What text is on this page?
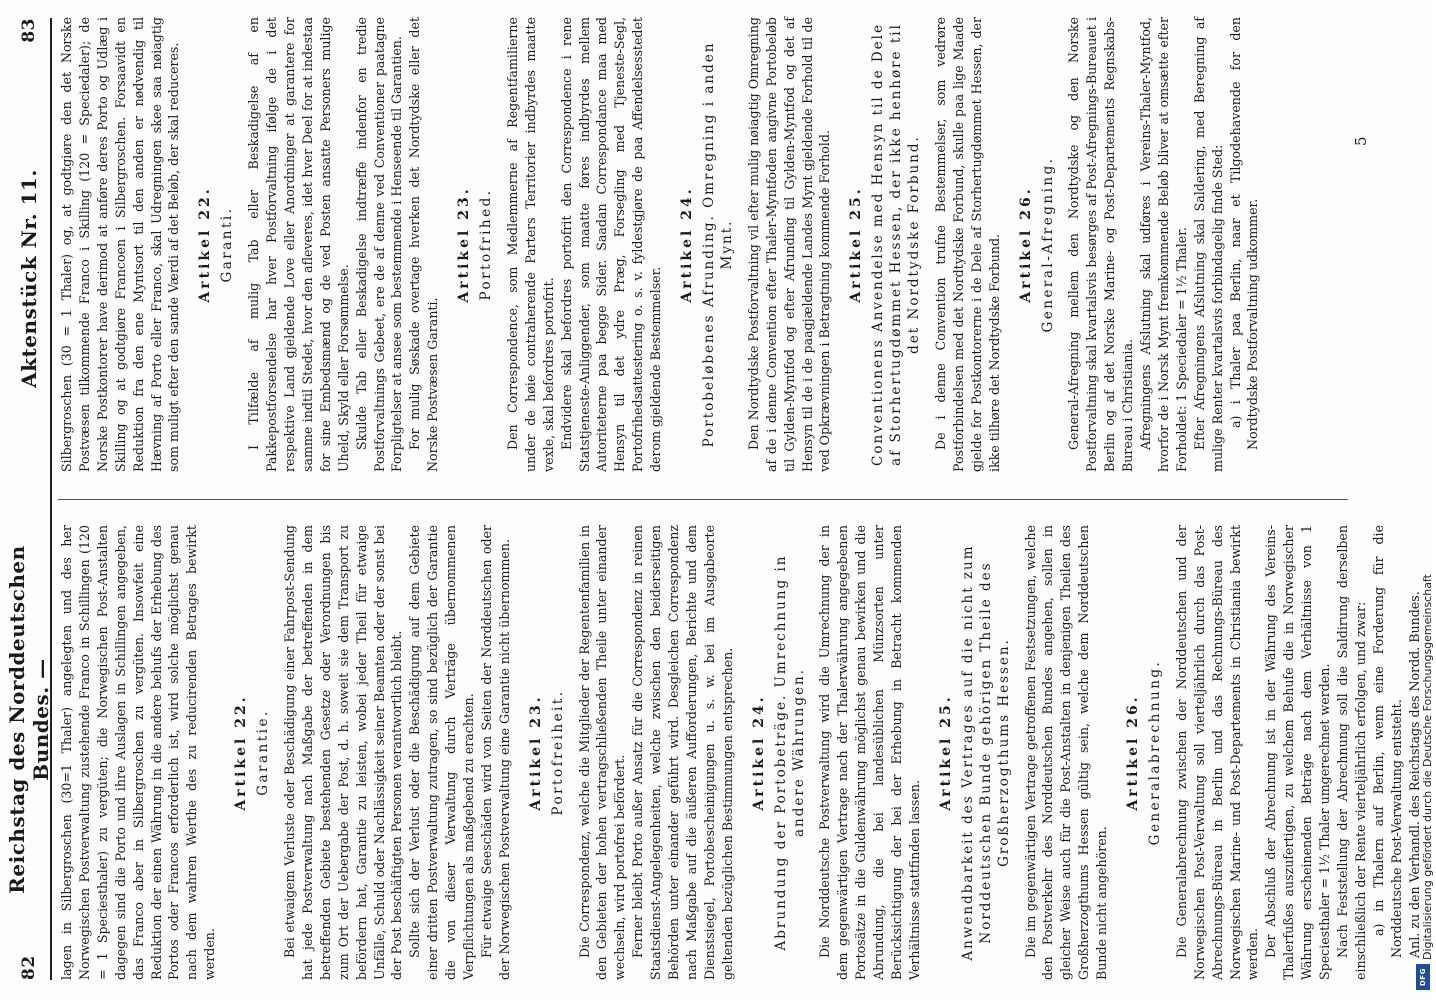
82
Reichstag des Norddeutschen Bundes. —
Aktenstück Nr. 11.
83

lagen in Silbergroschen (30=1 Thaler) angelegten und des her Norwegischen Postverwaltung zustehende Franco in Schillingen (120 = 1 Speciesthaler) zu vergüten; die Norwegischen Post-Anstalten dagegen sind die Porto und ihre Auslagen in Schillingen angegeben, das Franco aber in Silbergroschen zu vergüten. Insowfeit eine Reduktion der einen Währung in die andere behufs der Erhebung des Portos oder Francos erforderlich ist, wird solche möglichst genau nach dem wahren Werthe des zu reducirenden Betrages bewirkt werden.

Artikel 22. Garantie. Bei etwaigem Verluste oder Beschädigung einer Fahrpost-Sendung hat jede Postverwaltung nach Maßgabe der betreffenden in dem betreffenden Gebiete bestehenden Gesetze oder Verordnungen bis zum Ort der Uebergabe der Post, d. h. soweit sie dem Transport zu befördern hat, Garantie zu leisten, wobei jeder Theil für etwaige Unfälle, Schuld oder Nachlässigkeit seiner Beamten oder der sonst bei der Post beschäftigten Personen verantwortlich bleibt. Sollte sich der Verlust oder die Beschädigung auf dem Gebiete einer dritten Postverwaltung zutragen, so sind bezüglich der Garantie die von dieser Verwaltung durch Verträge übernommenen Verpflichtungen als maßgebend zu erachten. Für etwaige Seeschäden wird von Seiten der Norddeutschen oder der Norwegischen Postverwaltung eine Garantie nicht übernommen. Artikel 23. Portofreiheit. Die Correspondenz, welche die Mitglieder der Regentenfamilien in den Gebieten der hohen vertragschließenden Theile unter einander wechseln, wird portofrei befördert. Ferner bleibt Porto außer Ansatz für die Correspondenz in reinen Staatsdienst-Angelegenheiten, welche zwischen den beiderseitigen Behörden unter einander geführt wird. Desgleichen Correspondenz nach Maßgabe auf die äußeren Aufforderungen, Berichte und dem Dienstsiegel, Portobescheinigungen u. s. w. bei im Ausgabeorte geltenden bezüglichen Bestimmungen entsprechen. Artikel 24. Abrundung der Portobeträge. Umrechnung in andere Währungen. Die Norddeutsche Postverwaltung wird die Umrechnung der in dem gegenwärtigen Vertrage nach der Thalerwährung angegebenen Portosätze in die Guldenwährung möglichst genau bewirken und die Abrundung, die bei landesüblichen Münzsorten unter Berücksichtigung der bei der Erhebung in Betracht kommenden Verhältnisse stattfinden lassen.

Artikel 25. Anwendbarkeit des Vertrages auf die nicht zum Norddeutschen Bunde gehörigen Theile des Großherzogthums Hessen. Die im gegenwärtigen Vertrage getroffenen Festsetzungen, welche den Postverkehr des Norddeutschen Bundes angehen, sollen in gleicher Weise auch für die Post-Anstalten in denjenigen Theilen des Großherzogthums Hessen gültig sein, welche dem Norddeutschen Bunde nicht angehören.

Artikel 26. Generalabrechnung. Die Generalabrechnung zwischen der Norddeutschen und der Norwegischen Post-Verwaltung soll vierteljährlich durch das Post-Abrechnungs-Büreau in Berlin und das Rechnungs-Büreau des Norwegischen Marine- und Post-Departements in Christiania bewirkt werden. Der Abschluß der Abrechnung ist in der Währung des Vereins-Thalerfußes auszufertigen, zu welchem Behufe die in Norwegischer Währung erscheinenden Beträge nach dem Verhältnisse von 1 Speciesthaler = 1½ Thaler umgerechnet werden. Nach Feststellung der Abrechnung soll die Saldirung derselben einschließlich der Rente vierteljährlich erfolgen, und zwar: a) in Thalern auf Berlin, wenn eine Forderung für die Norddeutsche Post-Verwaltung entsteht. Anl. zu den Verhandl. des Reichstags des Nordd. Bundes.

Silbergroschen (30 = 1 Thaler) og, at godtgiøre den det Norske Postvæsen tilkommende Franco i Skilling (120 = Speciedaler); de Norske Postkontorer have derimod at anføre deres Porto og Udlæg i Skilling og at godtgiøre Francoen i Silbergroschen. Forsaavidt en Reduktion fra den ene Myntsort til den anden er nødvendig til Hævning af Porto eller Franco, skal Udregningen skee saa nøiagtig som muligt efter den sande Værdi af det Beløb, der skal reduceres. Artikel 22. Garanti. I Tilfælde af mulig Tab eller Beskadigelse af en Pakkepostforsendelse har hver Postforvaltning ifølge de i det respektive Land gjeldende Love eller Anordninger at garantere for samme indtil Stedet, hvor den afleveres, idet hver Deel for at indestaa for sine Embedsmænd og de ved Posten ansatte Personers mulige Uheld, Skyld eller Forsømmelse. Skulde Tab eller Beskadigelse indtræffe indenfor en tredie Postforvaltnings Gebeet, ere de af denne ved Conventioner paatagne Forpligtelser at ansee som bestemmende i Henseende til Garantien. For mulig Søskade overtage hverken det Nordtydske eller det Norske Postvæsen Garanti.

Artikel 23. Portofrihed. Den Correspondence, som Medlemmerne af Regentfamilierne under de høie contraherende Parters Territorier indbyrdes maatte vexle, skal befordres portofrit. Endvidere skal befordres portofrit den Correspondence i rene Statstjeneste-Anliggender, som maatte føres indbyrdes mellem Autoriteterne paa begge Sider. Saadan Correspondance maa med Hensyn til det ydre Præg, Forsegling med Tjeneste-Segl, Portofrihedsattestering o. s. v. fyldestgjøre de paa Affendelsesstedet derom gjeldende Bestemmelser.

Artikel 24. Portobeløbenes Afrunding. Omregning i anden Mynt. Den Nordtydske Postforvaltning vil efter mulig nøiagtig Omregning af de i denne Convention efter Thaler-Myntfoden angivne Portobeløb til Gylden-Myntfod og efter Afrunding til Gylden-Myntfod og det af Hensyn til de i de paagjældende Landes Mynt gjeldende Forhold til de ved Opkrævningen i Betragtning kommende Forhold. Artikel 25. Conventionens Anvendelse med Hensyn til de Dele af Storhertugdømmet Hessen, der ikke henhøre til det Nordtydske Forbund. De i denne Convention trufne Bestemmelser, som vedrøre Postforbindelsen med det Nordtydske Forbund, skulle paa lige Maade gjelde for Postkontorerne i de Dele af Storhertugdømmet Hessen, der ikke tilhøre det Nordtydske Forbund. Artikel 26. General-Afregning. General-Afregning mellem den Nordtydske og den Norske Postforvaltning skal kvartalsvis besørges af Post-Afregnings-Bureauet i Berlin og af det Norske Marine- og Post-Departements Regnskabs-Bureau i Christiania. Afregningens Afslutning skal udføres i Vereins-Thaler-Myntfod, hvorfor de i Norsk Mynt fremkommende Beløb bliver at omsætte efter Forholdet: 1 Speciedaler = 1½ Thaler. Efter Afregningens Afslutning skal Saldering, med Beregning af mulige Renter kvartalsvis forbindagelig finde Sted: a) i Thaler paa Berlin, naar et Tilgodehavende for den Nordtydske Postforvaltning udkommer.

5
Digitalisierung gefördert durch die Deutsche Forschungsgemeinschaft
DFG
